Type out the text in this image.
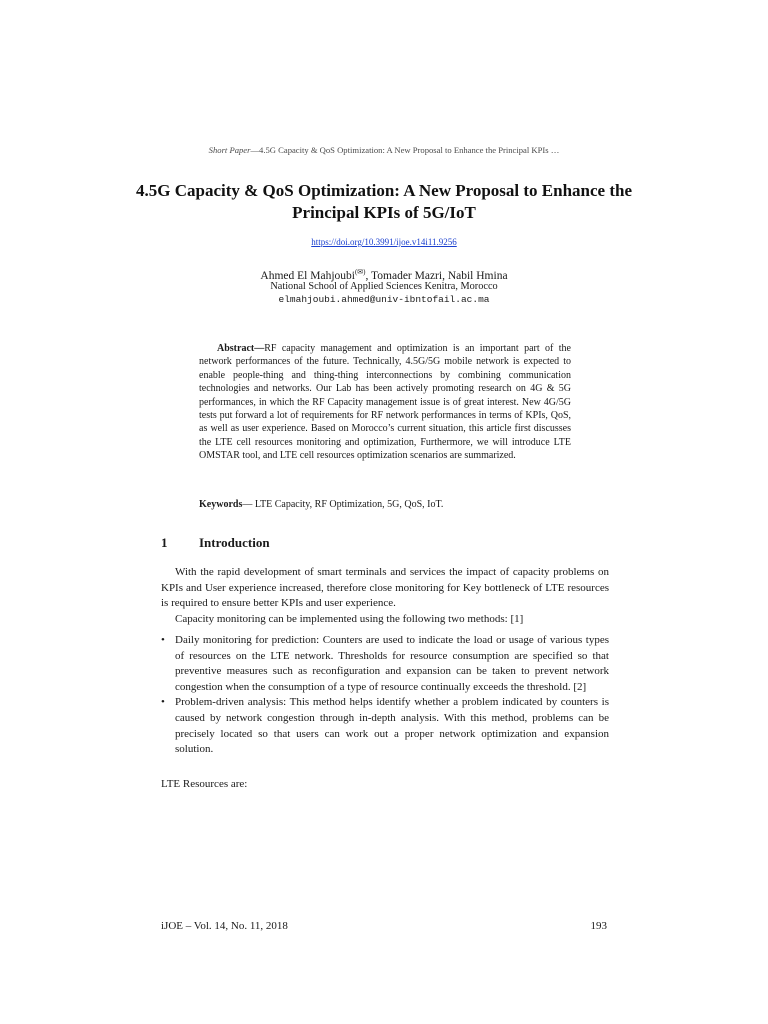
Short Paper—4.5G Capacity & QoS Optimization: A New Proposal to Enhance the Principal KPIs …
4.5G Capacity & QoS Optimization: A New Proposal to Enhance the Principal KPIs of 5G/IoT
https://doi.org/10.3991/ijoe.v14i11.9256
Ahmed El Mahjoubi(✉), Tomader Mazri, Nabil Hmina
National School of Applied Sciences Kenitra, Morocco
elmahjoubi.ahmed@univ-ibntofail.ac.ma
Abstract—RF capacity management and optimization is an important part of the network performances of the future. Technically, 4.5G/5G mobile network is expected to enable people-thing and thing-thing interconnections by combining communication technologies and networks. Our Lab has been actively promoting research on 4G & 5G performances, in which the RF Capacity management issue is of great interest. New 4G/5G tests put forward a lot of requirements for RF network performances in terms of KPIs, QoS, as well as user experience. Based on Morocco’s current situation, this article first discusses the LTE cell resources monitoring and optimization, Furthermore, we will introduce LTE OMSTAR tool, and LTE cell resources optimization scenarios are summarized.
Keywords— LTE Capacity, RF Optimization, 5G, QoS, IoT.
1 Introduction
With the rapid development of smart terminals and services the impact of capacity problems on KPIs and User experience increased, therefore close monitoring for Key bottleneck of LTE resources is required to ensure better KPIs and user experience.
Capacity monitoring can be implemented using the following two methods: [1]
• Daily monitoring for prediction: Counters are used to indicate the load or usage of various types of resources on the LTE network. Thresholds for resource consumption are specified so that preventive measures such as reconfiguration and expansion can be taken to prevent network congestion when the consumption of a type of resource continually exceeds the threshold. [2]
• Problem-driven analysis: This method helps identify whether a problem indicated by counters is caused by network congestion through in-depth analysis. With this method, problems can be precisely located so that users can work out a proper network optimization and expansion solution.
LTE Resources are:
iJOE – Vol. 14, No. 11, 2018	193
